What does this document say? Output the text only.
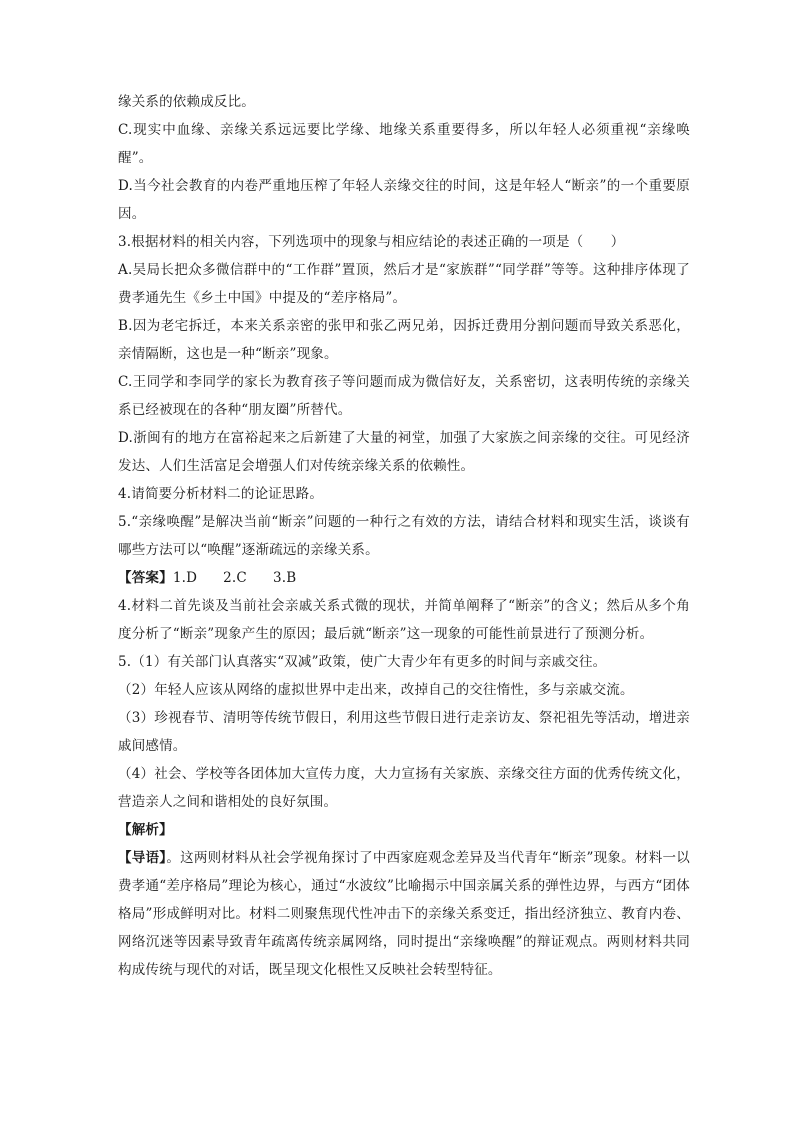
缘关系的依赖成反比。

C.现实中血缘、亲缘关系远远要比学缘、地缘关系重要得多，所以年轻人必须重视“亲缘唤醒”。

D.当今社会教育的内卷严重地压榨了年轻人亲缘交往的时间，这是年轻人“断亲”的一个重要原因。

3.根据材料的相关内容，下列选项中的现象与相应结论的表述正确的一项是（　　）

A.吴局长把众多微信群中的“工作群”置顶，然后才是“家族群”“同学群”等等。这种排序体现了费孝通先生《乡土中国》中提及的“差序格局”。

B.因为老宅拆迁，本来关系亲密的张甲和张乙两兄弟，因拆迁费用分割问题而导致关系恶化，亲情隔断，这也是一种“断亲”现象。

C.王同学和李同学的家长为教育孩子等问题而成为微信好友，关系密切，这表明传统的亲缘关系已经被现在的各种“朋友圈”所替代。

D.浙闽有的地方在富裕起来之后新建了大量的祠堂，加强了大家族之间亲缘的交往。可见经济发达、人们生活富足会增强人们对传统亲缘关系的依赖性。

4.请简要分析材料二的论证思路。

5.“亲缘唤醒”是解决当前“断亲”问题的一种行之有效的方法，请结合材料和现实生活，谈谈有哪些方法可以“唤醒”逐渐疏远的亲缘关系。

【答案】1.D 2.C 3.B

4.材料二首先谈及当前社会亲戚关系式微的现状，并简单阐释了“断亲”的含义；然后从多个角度分析了“断亲”现象产生的原因；最后就“断亲”这一现象的可能性前景进行了预测分析。

5.（1）有关部门认真落实“双减”政策，使广大青少年有更多的时间与亲戚交往。

（2）年轻人应该从网络的虚拟世界中走出来，改掉自己的交往惰性，多与亲戚交流。

（3）珍视春节、清明等传统节假日，利用这些节假日进行走亲访友、祭祀祖先等活动，增进亲戚间感情。

（4）社会、学校等各团体加大宣传力度，大力宣扬有关家族、亲缘交往方面的优秀传统文化，营造亲人之间和谐相处的良好氛围。

【解析】

【导语】。这两则材料从社会学视角探讨了中西家庭观念差异及当代青年“断亲”现象。材料一以费孝通“差序格局”理论为核心，通过“水波纹”比喻揭示中国亲属关系的弹性边界，与西方“团体格局”形成鲜明对比。材料二则聚焦现代性冲击下的亲缘关系变迁，指出经济独立、教育内卷、网络沉迷等因素导致青年疏离传统亲属网络，同时提出“亲缘唤醒”的辩证观点。两则材料共同构成传统与现代的对话，既呈现文化根性又反映社会转型特征。
